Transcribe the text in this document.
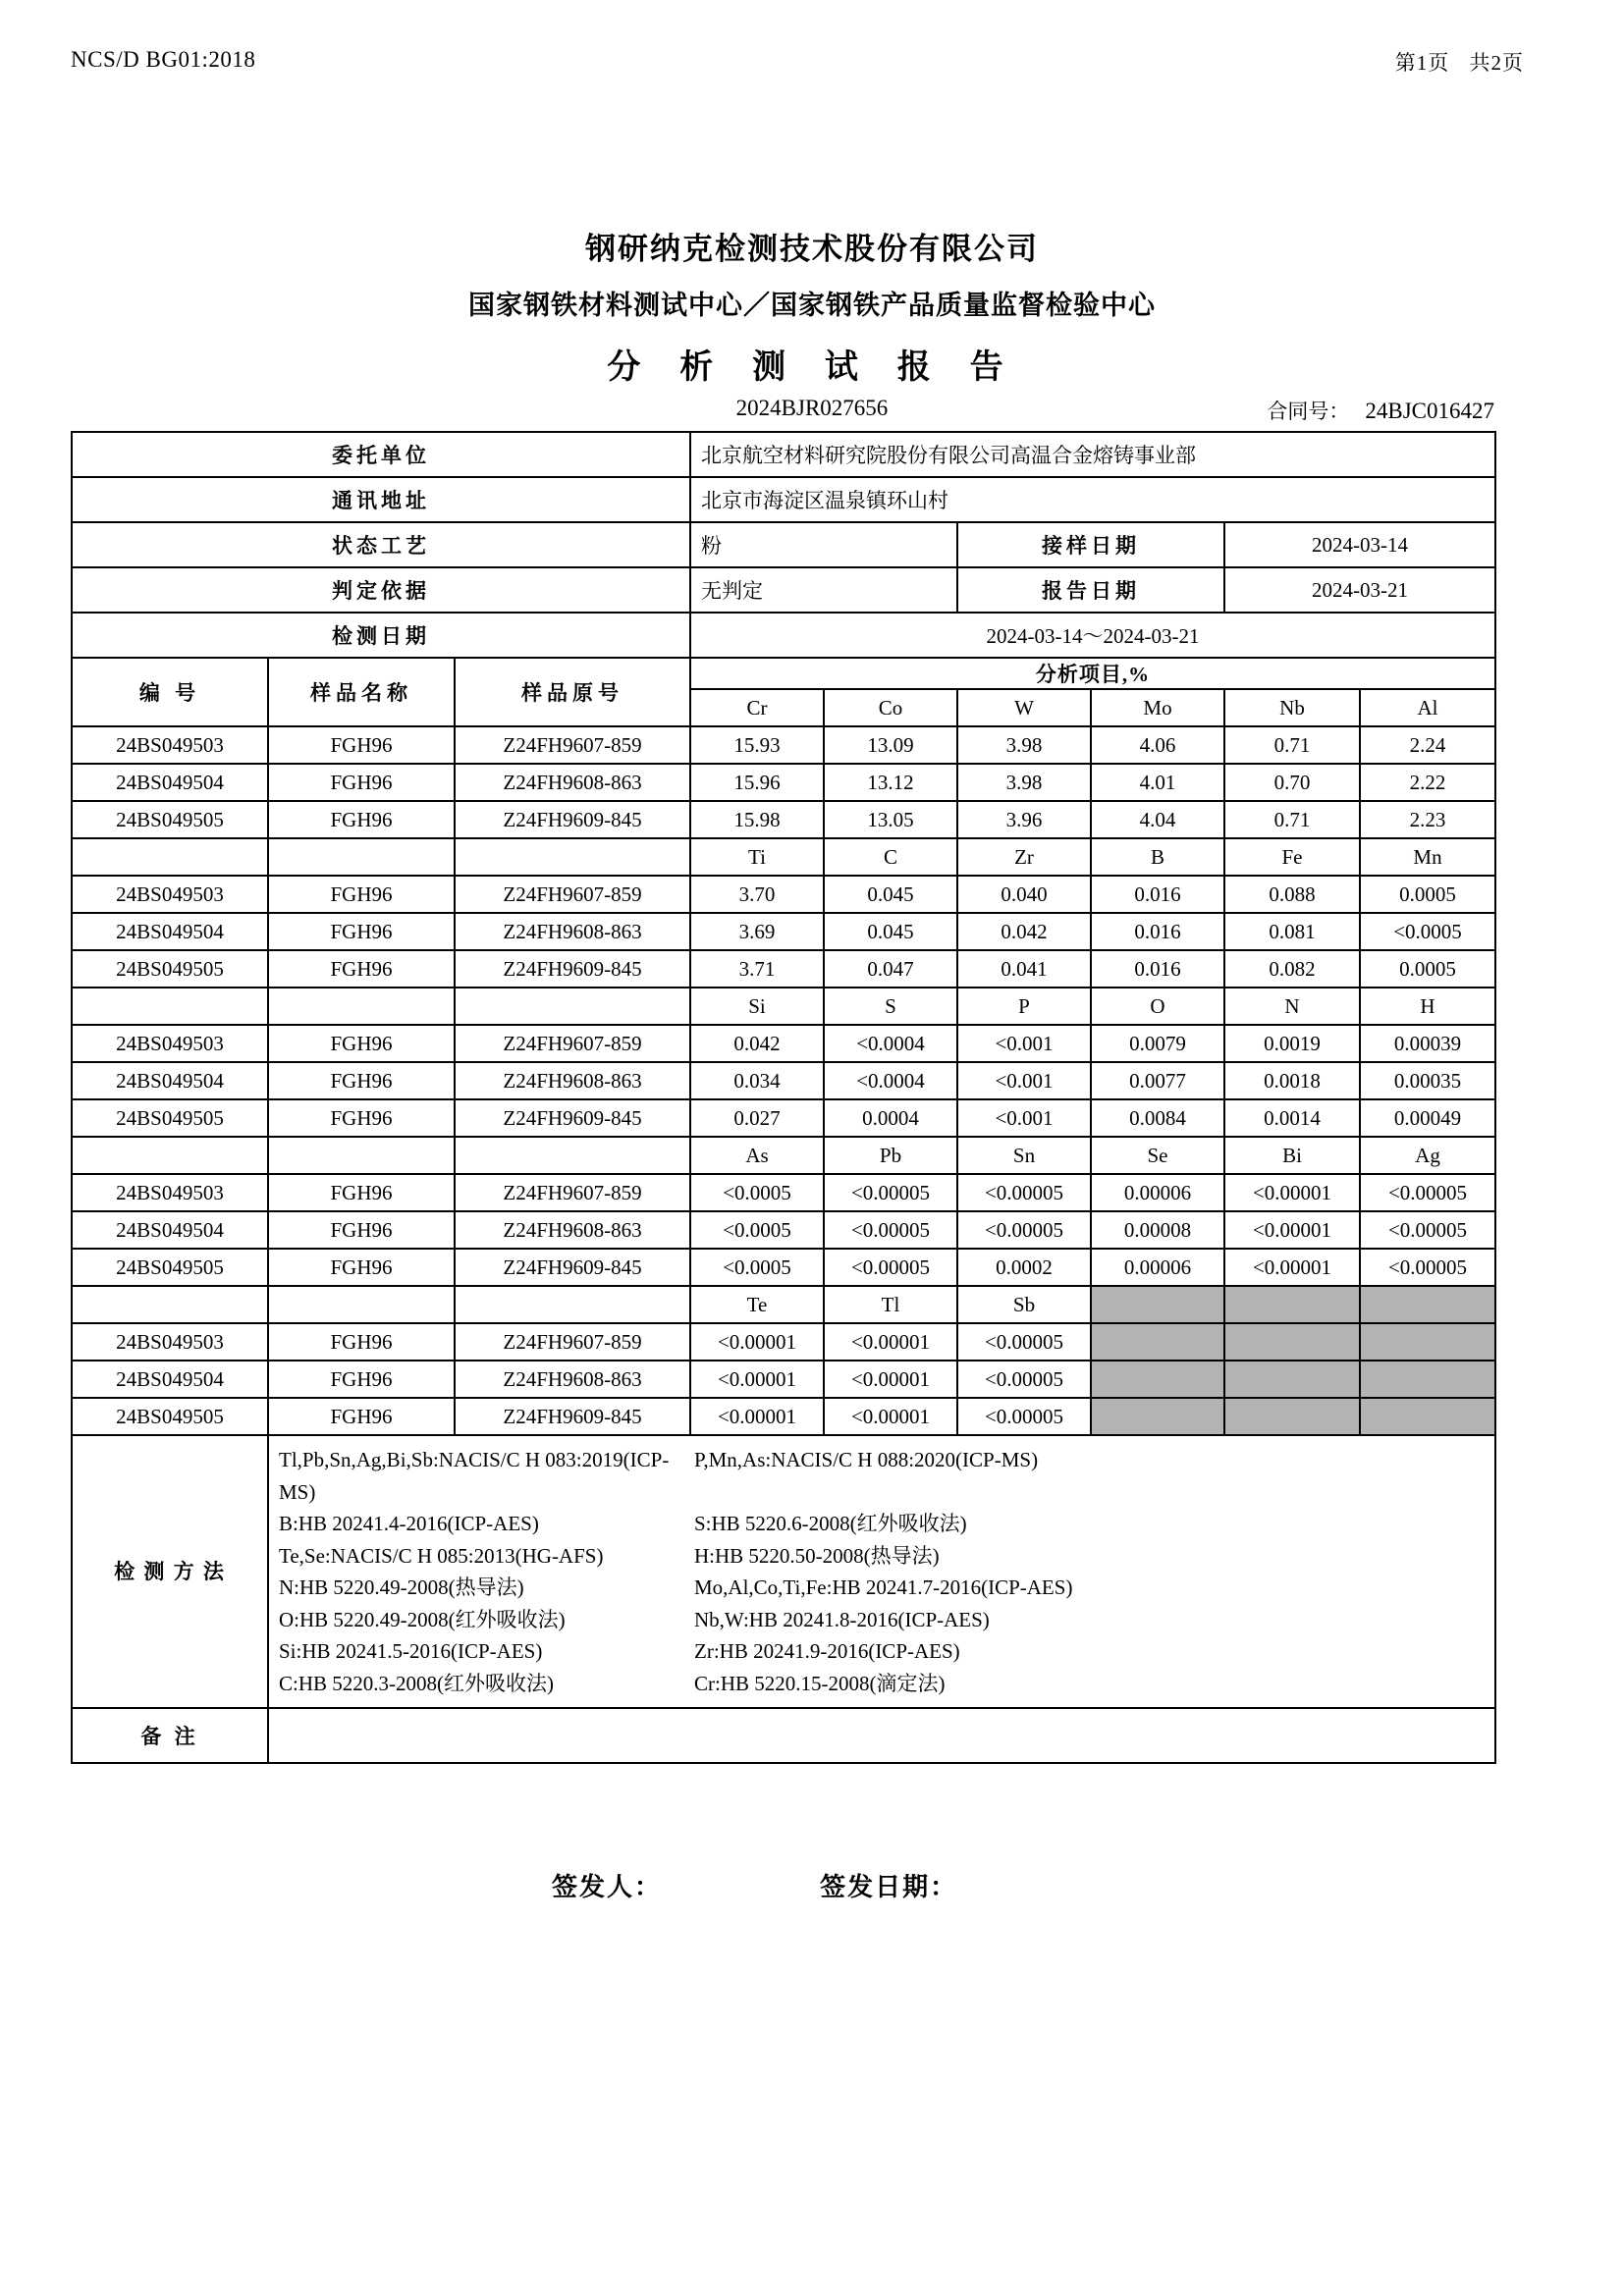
NCS/D BG01:2018	第1页 共2页
钢研纳克检测技术股份有限公司
国家钢铁材料测试中心／国家钢铁产品质量监督检验中心
分 析 测 试 报 告
2024BJR027656	合同号： 24BJC016427
委托单位			北京航空材料研究院股份有限公司高温合金熔铸事业部					
通讯地址			北京市海淀区温泉镇环山村					
状态工艺			粉		接样日期		2024-03-14	
判定依据			无判定		报告日期		2024-03-21	
检测日期			2024-03-14～2024-03-21					
编 号	样品名称	样品原号	分析项目,%					
			Cr	Co	W	Mo	Nb	Al
24BS049503	FGH96	Z24FH9607-859	15.93	13.09	3.98	4.06	0.71	2.24
24BS049504	FGH96	Z24FH9608-863	15.96	13.12	3.98	4.01	0.70	2.22
24BS049505	FGH96	Z24FH9609-845	15.98	13.05	3.96	4.04	0.71	2.23
			Ti	C	Zr	B	Fe	Mn
24BS049503	FGH96	Z24FH9607-859	3.70	0.045	0.040	0.016	0.088	0.0005
24BS049504	FGH96	Z24FH9608-863	3.69	0.045	0.042	0.016	0.081	<0.0005
24BS049505	FGH96	Z24FH9609-845	3.71	0.047	0.041	0.016	0.082	0.0005
			Si	S	P	O	N	H
24BS049503	FGH96	Z24FH9607-859	0.042	<0.0004	<0.001	0.0079	0.0019	0.00039
24BS049504	FGH96	Z24FH9608-863	0.034	<0.0004	<0.001	0.0077	0.0018	0.00035
24BS049505	FGH96	Z24FH9609-845	0.027	0.0004	<0.001	0.0084	0.0014	0.00049
			As	Pb	Sn	Se	Bi	Ag
24BS049503	FGH96	Z24FH9607-859	<0.0005	<0.00005	<0.00005	0.00006	<0.00001	<0.00005
24BS049504	FGH96	Z24FH9608-863	<0.0005	<0.00005	<0.00005	0.00008	<0.00001	<0.00005
24BS049505	FGH96	Z24FH9609-845	<0.0005	<0.00005	0.0002	0.00006	<0.00001	<0.00005
			Te	Tl	Sb			
24BS049503	FGH96	Z24FH9607-859	<0.00001	<0.00001	<0.00005			
24BS049504	FGH96	Z24FH9608-863	<0.00001	<0.00001	<0.00005			
24BS049505	FGH96	Z24FH9609-845	<0.00001	<0.00001	<0.00005			
检 测 方 法	
Tl,Pb,Sn,Ag,Bi,Sb:NACIS/C H 083:2019(ICP-MS)
P,Mn,As:NACIS/C H 088:2020(ICP-MS)
B:HB 20241.4-2016(ICP-AES)	S:HB 5220.6-2008(红外吸收法)
Te,Se:NACIS/C H 085:2013(HG-AFS)	H:HB 5220.50-2008(热导法)
N:HB 5220.49-2008(热导法)	Mo,Al,Co,Ti,Fe:HB 20241.7-2016(ICP-AES)
O:HB 5220.49-2008(红外吸收法)	Nb,W:HB 20241.8-2016(ICP-AES)
Si:HB 20241.5-2016(ICP-AES)	Zr:HB 20241.9-2016(ICP-AES)
C:HB 5220.3-2008(红外吸收法)	Cr:HB 5220.15-2008(滴定法)

备 注								
签发人：	签发日期：
